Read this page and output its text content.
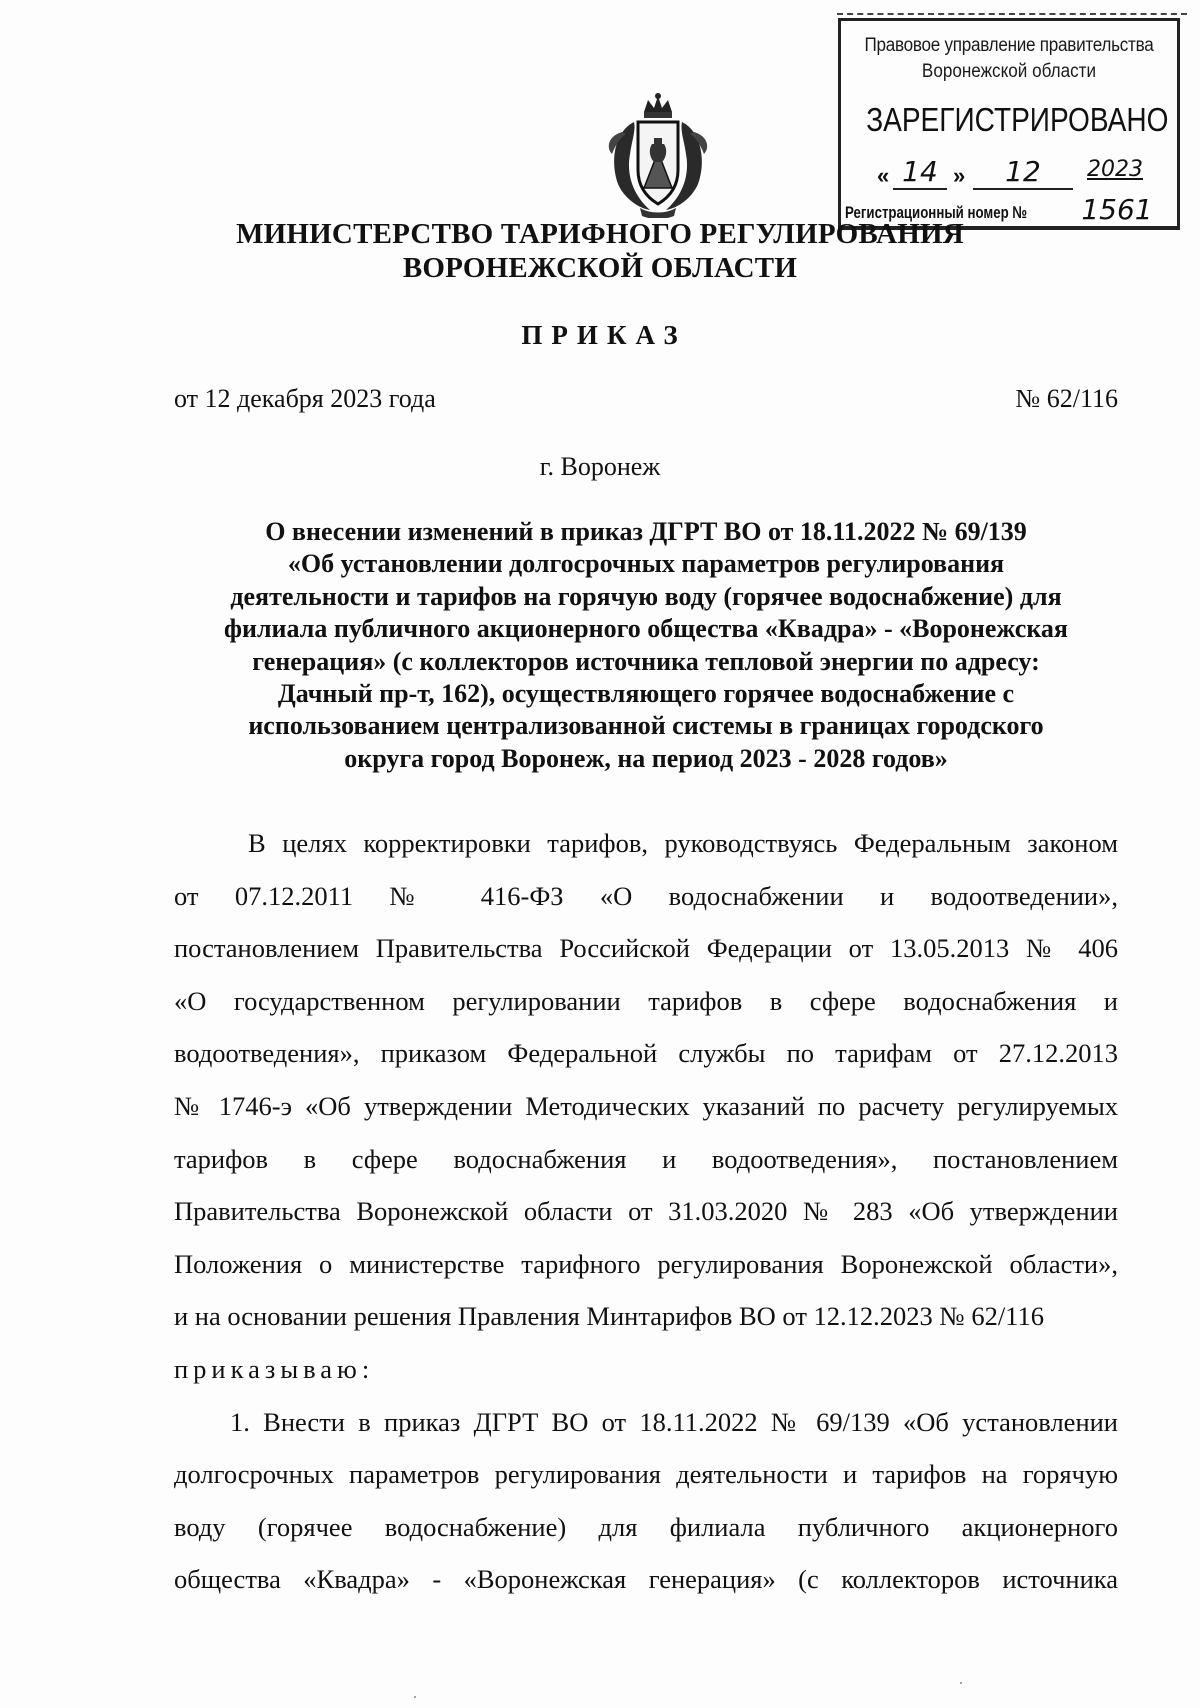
Правовое управление правительства
Воронежской области
ЗАРЕГИСТРИРОВАНО
« 14 »	12	2023
Регистрационный номер №	1561
МИНИСТЕРСТВО ТАРИФНОГО РЕГУЛИРОВАНИЯ
ВОРОНЕЖСКОЙ ОБЛАСТИ
ПРИКАЗ
от 12 декабря 2023 года	№ 62/116
г. Воронеж
О внесении изменений в приказ ДГРТ ВО от 18.11.2022 № 69/139
«Об установлении долгосрочных параметров регулирования
деятельности и тарифов на горячую воду (горячее водоснабжение) для
филиала публичного акционерного общества «Квадра» - «Воронежская
генерация» (с коллекторов источника тепловой энергии по адресу:
Дачный пр-т, 162), осуществляющего горячее водоснабжение с
использованием централизованной системы в границах городского
округа город Воронеж, на период 2023 - 2028 годов»
В целях корректировки тарифов, руководствуясь Федеральным законом
от 07.12.2011 № 416-ФЗ «О водоснабжении и водоотведении»,
постановлением Правительства Российской Федерации от 13.05.2013 № 406
«О государственном регулировании тарифов в сфере водоснабжения и
водоотведения», приказом Федеральной службы по тарифам от 27.12.2013
№ 1746-э «Об утверждении Методических указаний по расчету регулируемых
тарифов в сфере водоснабжения и водоотведения», постановлением
Правительства Воронежской области от 31.03.2020 № 283 «Об утверждении
Положения о министерстве тарифного регулирования Воронежской области»,
и на основании решения Правления Минтарифов ВО от 12.12.2023 № 62/116
приказываю:
1. Внести в приказ ДГРТ ВО от 18.11.2022 № 69/139 «Об установлении
долгосрочных параметров регулирования деятельности и тарифов на горячую
воду (горячее водоснабжение) для филиала публичного акционерного
общества «Квадра» - «Воронежская генерация» (с коллекторов источника
